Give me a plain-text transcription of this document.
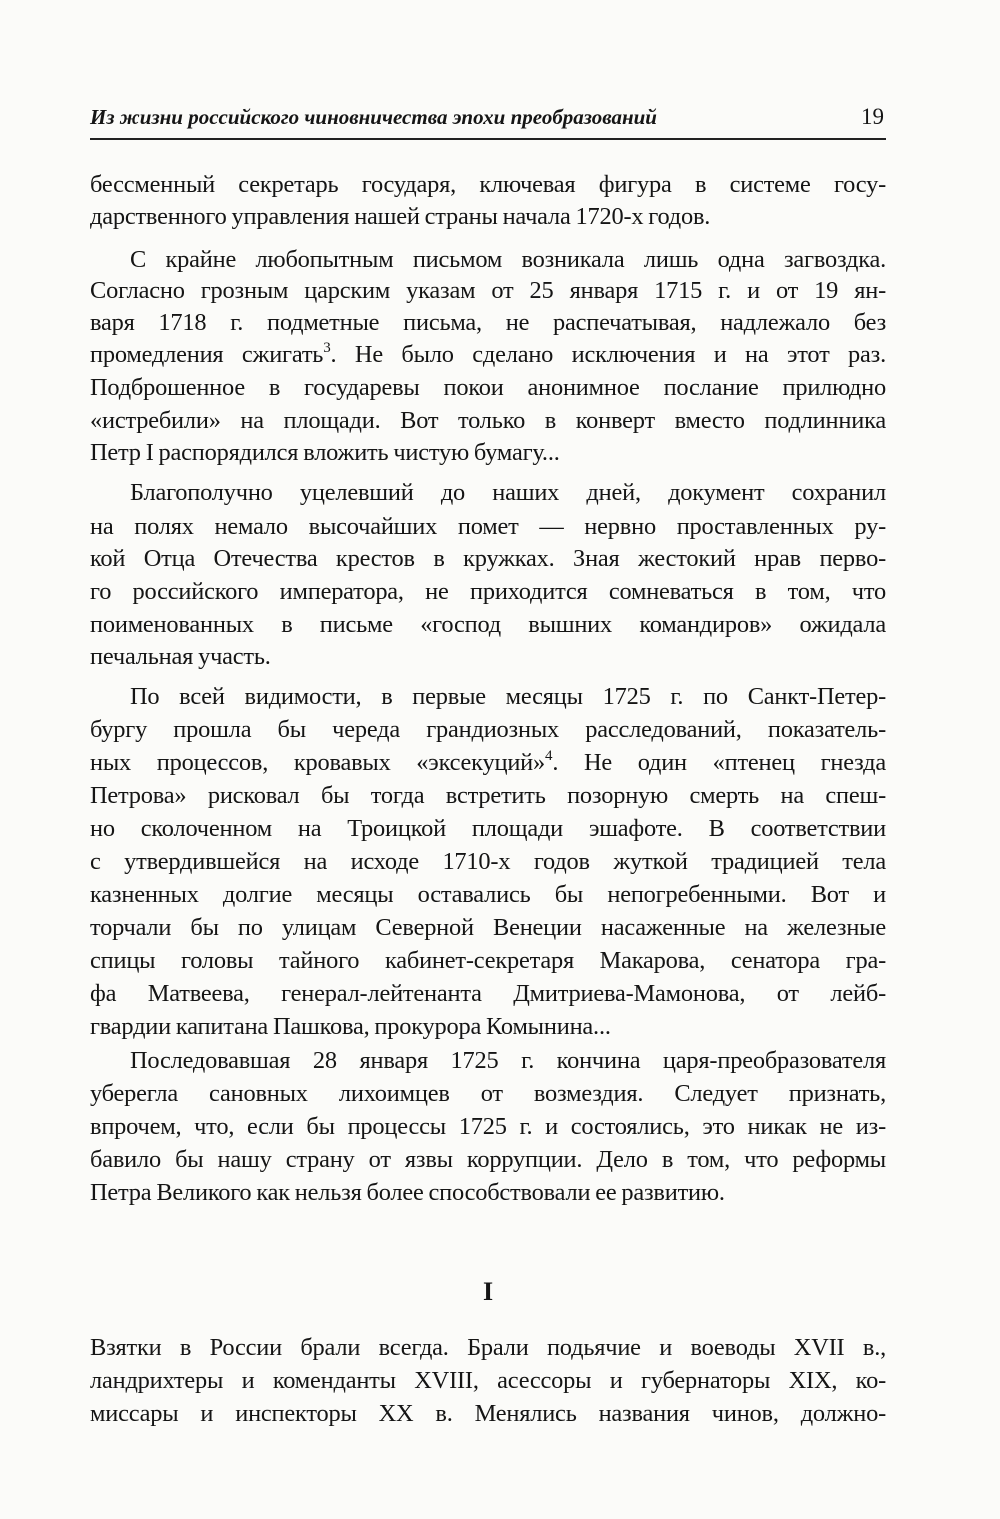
Из жизни российского чиновничества эпохи преобразований	19
бессменный секретарь государя, ключевая фигура в системе госу-
дарственного управления нашей страны начала 1720-х годов.
С крайне любопытным письмом возникала лишь одна загвоздка.
Согласно грозным царским указам от 25 января 1715 г. и от 19 ян-
варя 1718 г. подметные письма, не распечатывая, надлежало без
промедления сжигать$^3$. Не было сделано исключения и на этот раз.
Подброшенное в государевы покои анонимное послание прилюдно
«истребили» на площади. Вот только в конверт вместо подлинника
Петр I распорядился вложить чистую бумагу...
Благополучно уцелевший до наших дней, документ сохранил
на полях немало высочайших помет — нервно проставленных ру-
кой Отца Отечества крестов в кружках. Зная жестокий нрав перво-
го российского императора, не приходится сомневаться в том, что
поименованных в письме «господ вышних командиров» ожидала
печальная участь.
По всей видимости, в первые месяцы 1725 г. по Санкт-Петер-
бургу прошла бы череда грандиозных расследований, показатель-
ных процессов, кровавых «эксекуций»$^4$. Не один «птенец гнезда
Петрова» рисковал бы тогда встретить позорную смерть на спеш-
но сколоченном на Троицкой площади эшафоте. В соответствии
с утвердившейся на исходе 1710-х годов жуткой традицией тела
казненных долгие месяцы оставались бы непогребенными. Вот и
торчали бы по улицам Северной Венеции насаженные на железные
спицы головы тайного кабинет-секретаря Макарова, сенатора гра-
фа Матвеева, генерал-лейтенанта Дмитриева-Мамонова, от лейб-
гвардии капитана Пашкова, прокурора Комынина...
Последовавшая 28 января 1725 г. кончина царя-преобразователя
уберегла сановных лихоимцев от возмездия. Следует признать,
впрочем, что, если бы процессы 1725 г. и состоялись, это никак не из-
бавило бы нашу страну от язвы коррупции. Дело в том, что реформы
Петра Великого как нельзя более способствовали ее развитию.
I
Взятки в России брали всегда. Брали подьячие и воеводы XVII в.,
ландрихтеры и коменданты XVIII, асессоры и губернаторы XIX, ко-
миссары и инспекторы XX в. Менялись названия чинов, должно-
